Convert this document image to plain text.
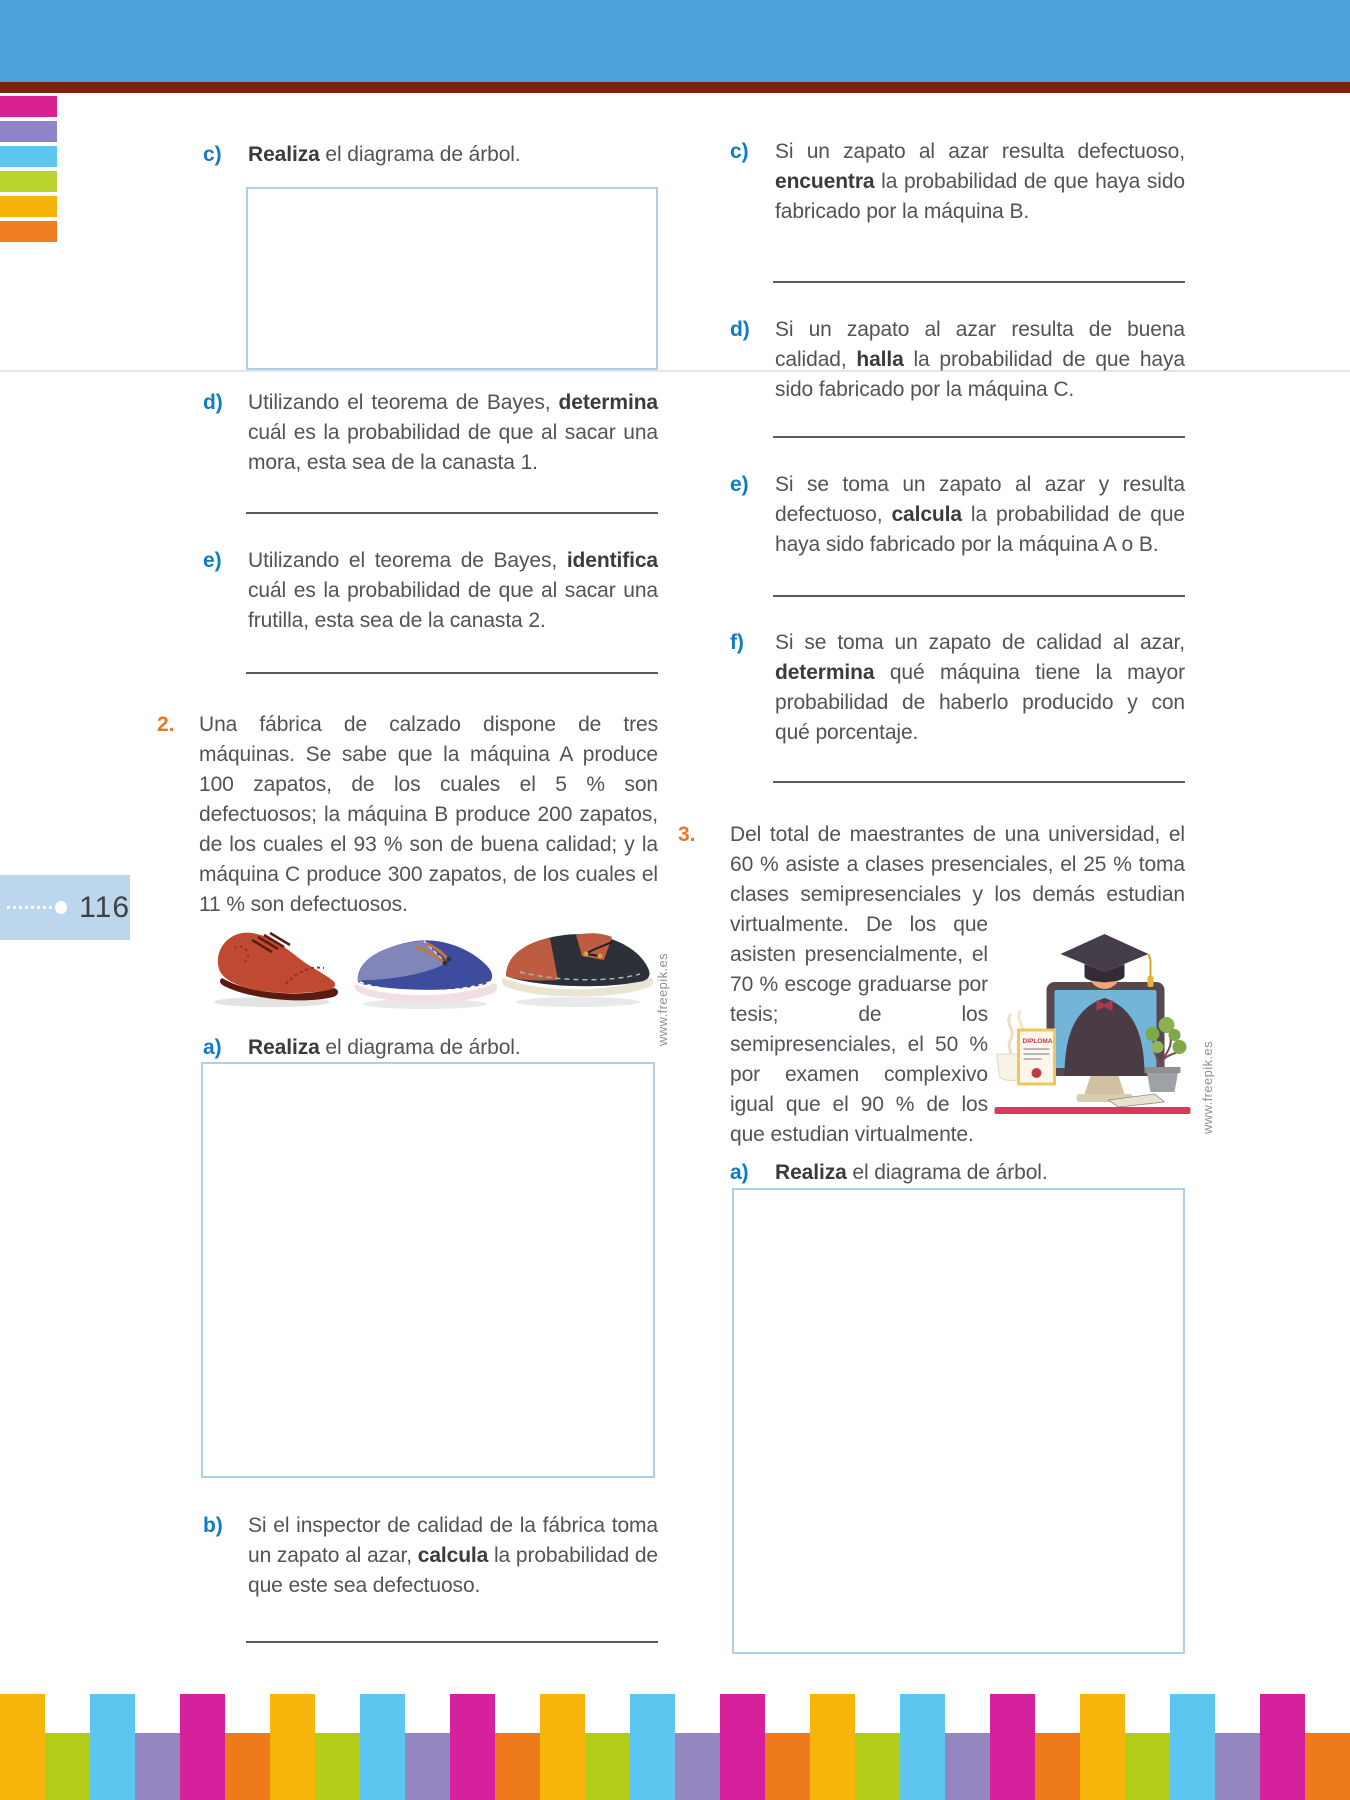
116
c)	Realiza el diagrama de árbol.
d)	Utilizando el teorema de Bayes, determina cuál es la probabilidad de que al sacar una mora, esta sea de la canasta 1.
e)	Utilizando el teorema de Bayes, identifica cuál es la probabilidad de que al sacar una frutilla, esta sea de la canasta 2.
2.	Una fábrica de calzado dispone de tres máquinas. Se sabe que la máquina A produce 100 zapatos, de los cuales el 5 % son defectuosos; la máquina B produce 200 zapatos, de los cuales el 93 % son de buena calidad; y la máquina C produce 300 zapatos, de los cuales el 11 % son defectuosos.
www.freepik.es
a)	Realiza el diagrama de árbol.
b)	Si el inspector de calidad de la fábrica toma un zapato al azar, calcula la probabilidad de que este sea defectuoso.
c)	Si un zapato al azar resulta defectuoso, encuentra la probabilidad de que haya sido fabricado por la máquina B.
d)	Si un zapato al azar resulta de buena calidad, halla la probabilidad de que haya sido fabricado por la máquina C.
e)	Si se toma un zapato al azar y resulta defectuoso, calcula la probabilidad de que haya sido fabricado por la máquina A o B.
f)	Si se toma un zapato de calidad al azar, determina qué máquina tiene la mayor probabilidad de haberlo producido y con qué porcentaje.
3.	Del total de maestrantes de una universidad, el 60 % asiste a clases presenciales, el 25 % toma clases semipresenciales y los demás estudian
virtualmente. De los que asisten presencialmente, el 70 % escoge graduarse por tesis; de los semipresenciales, el 50 % por examen complexivo igual que el 90 % de los que estudian virtualmente.
DIPLOMA	www.freepik.es
a)	Realiza el diagrama de árbol.
